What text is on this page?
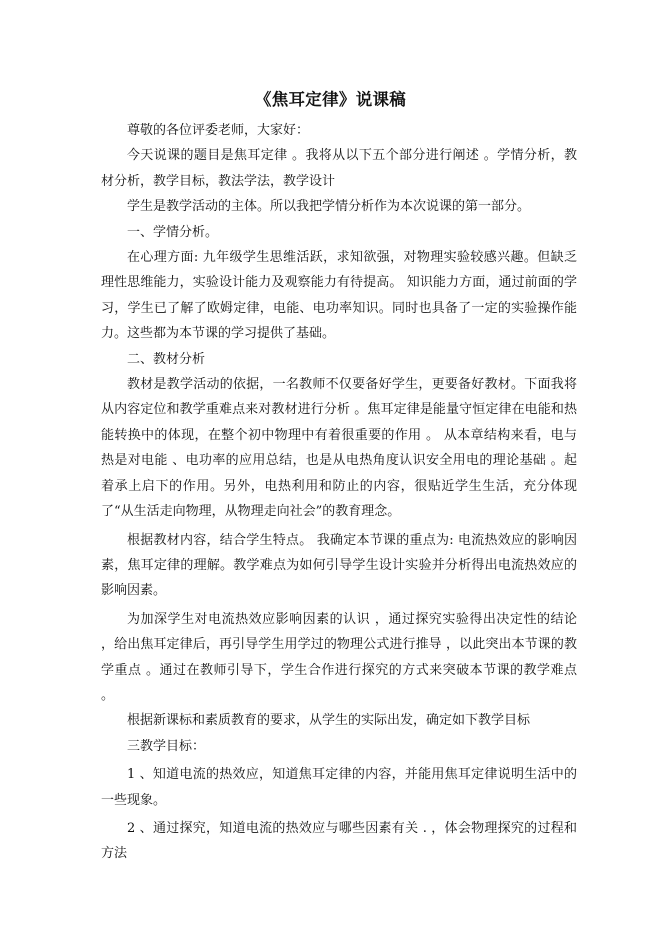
《焦耳定律》说课稿

尊敬的各位评委老师，大家好：

今天说课的题目是焦耳定律 。我将从以下五个部分进行阐述 。学情分析，教材分析，教学目标，教法学法，教学设计

学生是教学活动的主体。所以我把学情分析作为本次说课的第一部分。

一、学情分析。

在心理方面: 九年级学生思维活跃，求知欲强，对物理实验较感兴趣。但缺乏理性思维能力，实验设计能力及观察能力有待提高。 知识能力方面，通过前面的学习，学生已了解了欧姆定律，电能、电功率知识。同时也具备了一定的实验操作能力。这些都为本节课的学习提供了基础。

二、教材分析

教材是教学活动的依据，一名教师不仅要备好学生，更要备好教材。下面我将从内容定位和教学重难点来对教材进行分析 。焦耳定律是能量守恒定律在电能和热能转换中的体现，在整个初中物理中有着很重要的作用 。 从本章结构来看，电与热是对电能 、电功率的应用总结，也是从电热角度认识安全用电的理论基础 。起着承上启下的作用。另外，电热利用和防止的内容，很贴近学生生活，充分体现了“从生活走向物理，从物理走向社会”的教育理念。

根据教材内容，结合学生特点。 我确定本节课的重点为: 电流热效应的影响因素，焦耳定律的理解。教学难点为如何引导学生设计实验并分析得出电流热效应的影响因素。

为加深学生对电流热效应影响因素的认识 ，通过探究实验得出决定性的结论 ，给出焦耳定律后，再引导学生用学过的物理公式进行推导 ，以此突出本节课的教学重点 。通过在教师引导下，学生合作进行探究的方式来突破本节课的教学难点 。

根据新课标和素质教育的要求，从学生的实际出发，确定如下教学目标

三教学目标：

1 、知道电流的热效应，知道焦耳定律的内容，并能用焦耳定律说明生活中的一些现象。

2 、通过探究，知道电流的热效应与哪些因素有关 . ，体会物理探究的过程和方法
